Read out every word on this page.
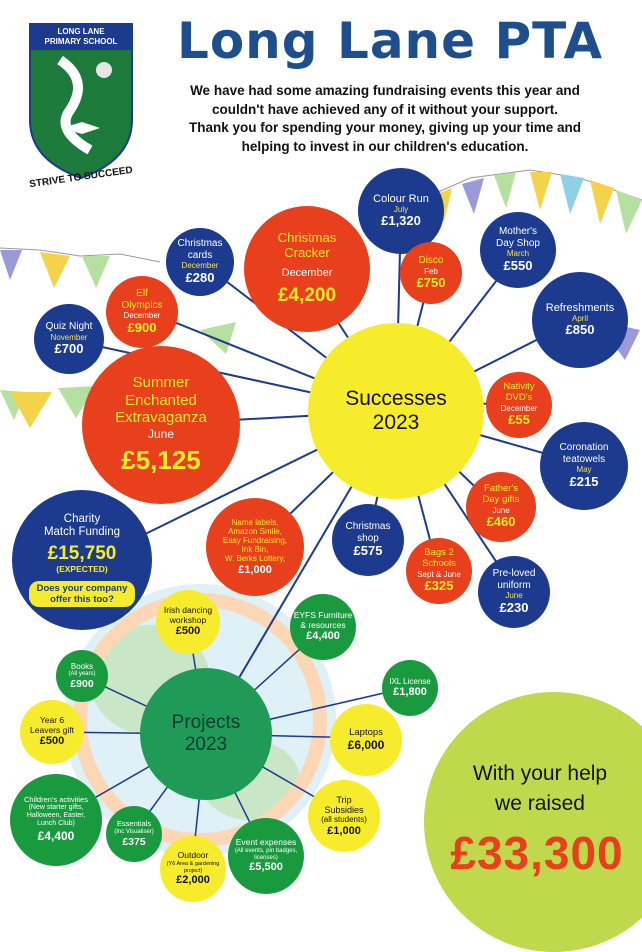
LONG LANE
PRIMARY SCHOOL
STRIVE TO SUCCEED
Long Lane PTA
We have had some amazing fundraising events this year and
couldn't have achieved any of it without your support.
Thank you for spending your money, giving up your time and
helping to invest in our children's education.
Successes
2023
Colour Run
July
£1,320
Christmas
Cracker
December
£4,200
Mother's
Day Shop
March
£550
Christmas
cards
December
£280
Disco
Feb
£750
Elf
Olympics
December
£900
Refreshments
April
£850
Quiz Night
November
£700
Nativity
DVD's
December
£55
Summer
Enchanted
Extravaganza
June
£5,125	Coronation
teatowels
May
£215
Father's
Day gifts
June
£460
Charity
Match Funding
£15,750
(EXPECTED)
Does your company
offer this too?
Name labels,
Amazon Smile,
Easy Fundraising,
Ink Bin,
W. Berks Lottery,
£1,000
Christmas
shop
£575	Bags 2
Schools
Sept & June
£325
Pre-loved
uniform
June
£230
Projects
2023
Irish dancing
workshop
£500
EYFS Furniture
& resources
£4,400
Books
(All years)
£900	IXL License
£1,800
Year 6
Leavers gift
£500
Laptops
£6,000
Children's activities
(New starter gifts,
Halloween, Easter,
Lunch Club)
£4,400
Essentials
(Inc Visualiser)
£375
Trip
Subsidies
(all students)
£1,000
Event expenses
(All events, pin badges, licenses)
£5,500
Outdoor
(Y6 Area & gardening project)
£2,000
With your help
we raised
£33,300
